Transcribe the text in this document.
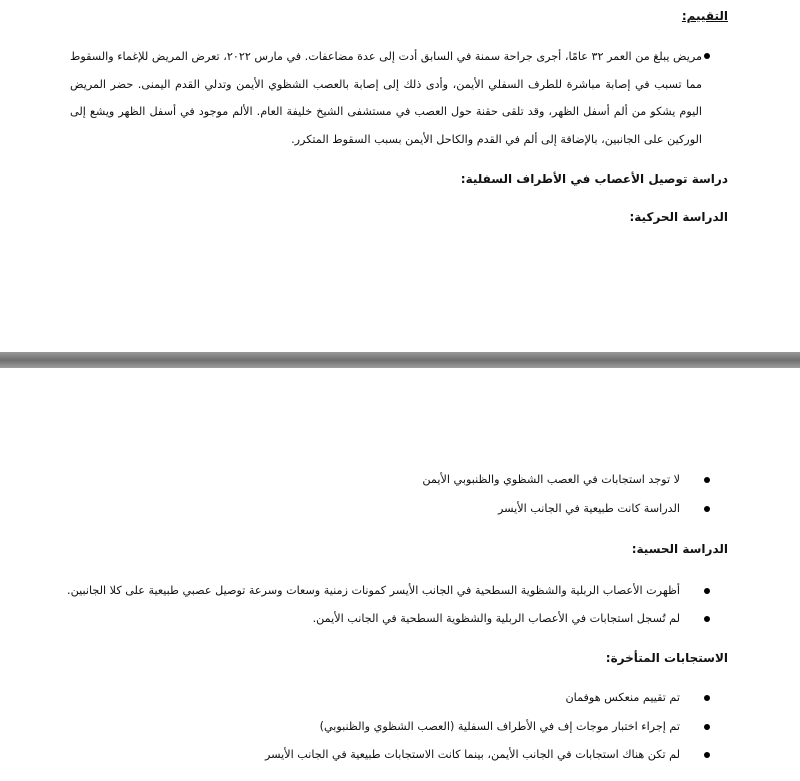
التقييم:
مريض يبلغ من العمر ٣٢ عامًا، أجرى جراحة سمنة في السابق أدت إلى عدة مضاعفات. في مارس ٢٠٢٢، تعرض المريض للإغماء والسقوط مما تسبب في إصابة مباشرة للطرف السفلي الأيمن، وأدى ذلك إلى إصابة بالعصب الشظوي الأيمن وتدلي القدم اليمنى. حضر المريض اليوم يشكو من ألم أسفل الظهر، وقد تلقى حقنة حول العصب في مستشفى الشيخ خليفة العام. الألم موجود في أسفل الظهر ويشع إلى الوركين على الجانبين، بالإضافة إلى ألم في القدم والكاحل الأيمن بسبب السقوط المتكرر.
دراسة توصيل الأعصاب في الأطراف السفلية:
الدراسة الحركية:
لا توجد استجابات في العصب الشظوي والظنبوبي الأيمن
الدراسة كانت طبيعية في الجانب الأيسر
الدراسة الحسية:
أظهرت الأعصاب الربلية والشظوية السطحية في الجانب الأيسر كمونات زمنية وسعات وسرعة توصيل عصبي طبيعية على كلا الجانبين.
لم تُسجل استجابات في الأعصاب الربلية والشظوية السطحية في الجانب الأيمن.
الاستجابات المتأخرة:
تم تقييم منعكس هوفمان
تم إجراء اختبار موجات إف في الأطراف السفلية (العصب الشظوي والظنبوبي)
لم تكن هناك استجابات في الجانب الأيمن، بينما كانت الاستجابات طبيعية في الجانب الأيسر
